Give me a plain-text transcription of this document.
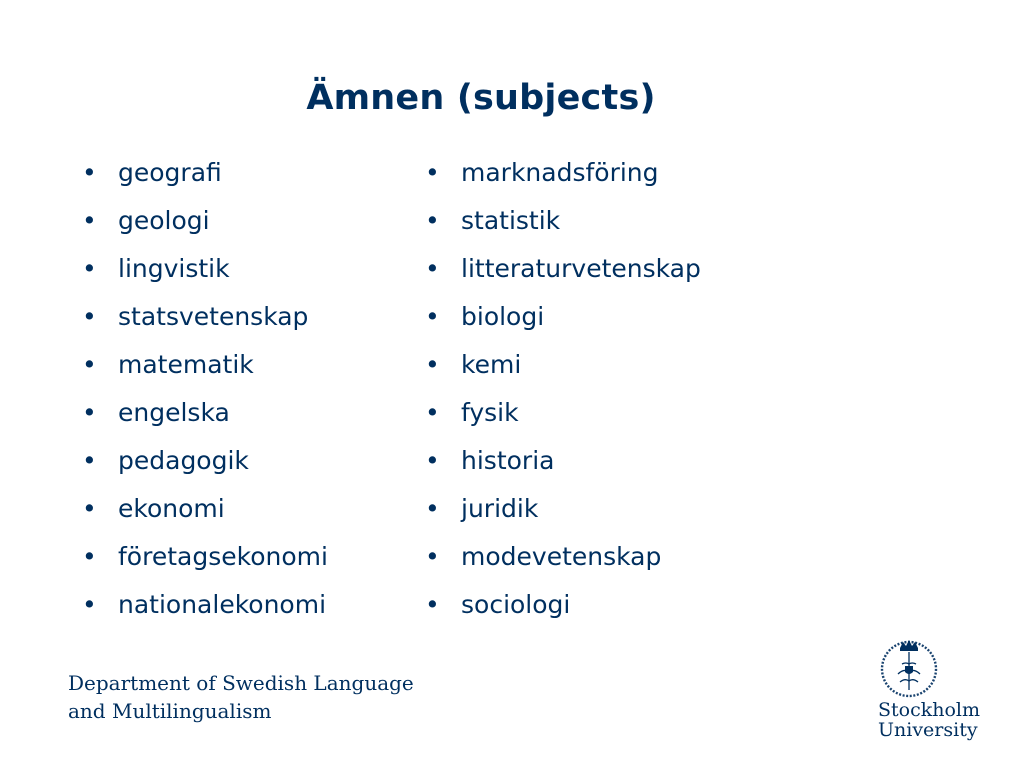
Ämnen (subjects)
• geografi
• geologi
• lingvistik
• statsvetenskap
• matematik
• engelska
• pedagogik
• ekonomi
• företagsekonomi
• nationalekonomi
• marknadsföring
• statistik
• litteraturvetenskap
• biologi
• kemi
• fysik
• historia
• juridik
• modevetenskap
• sociologi
Department of Swedish Language
and Multilingualism	Stockholm
University
